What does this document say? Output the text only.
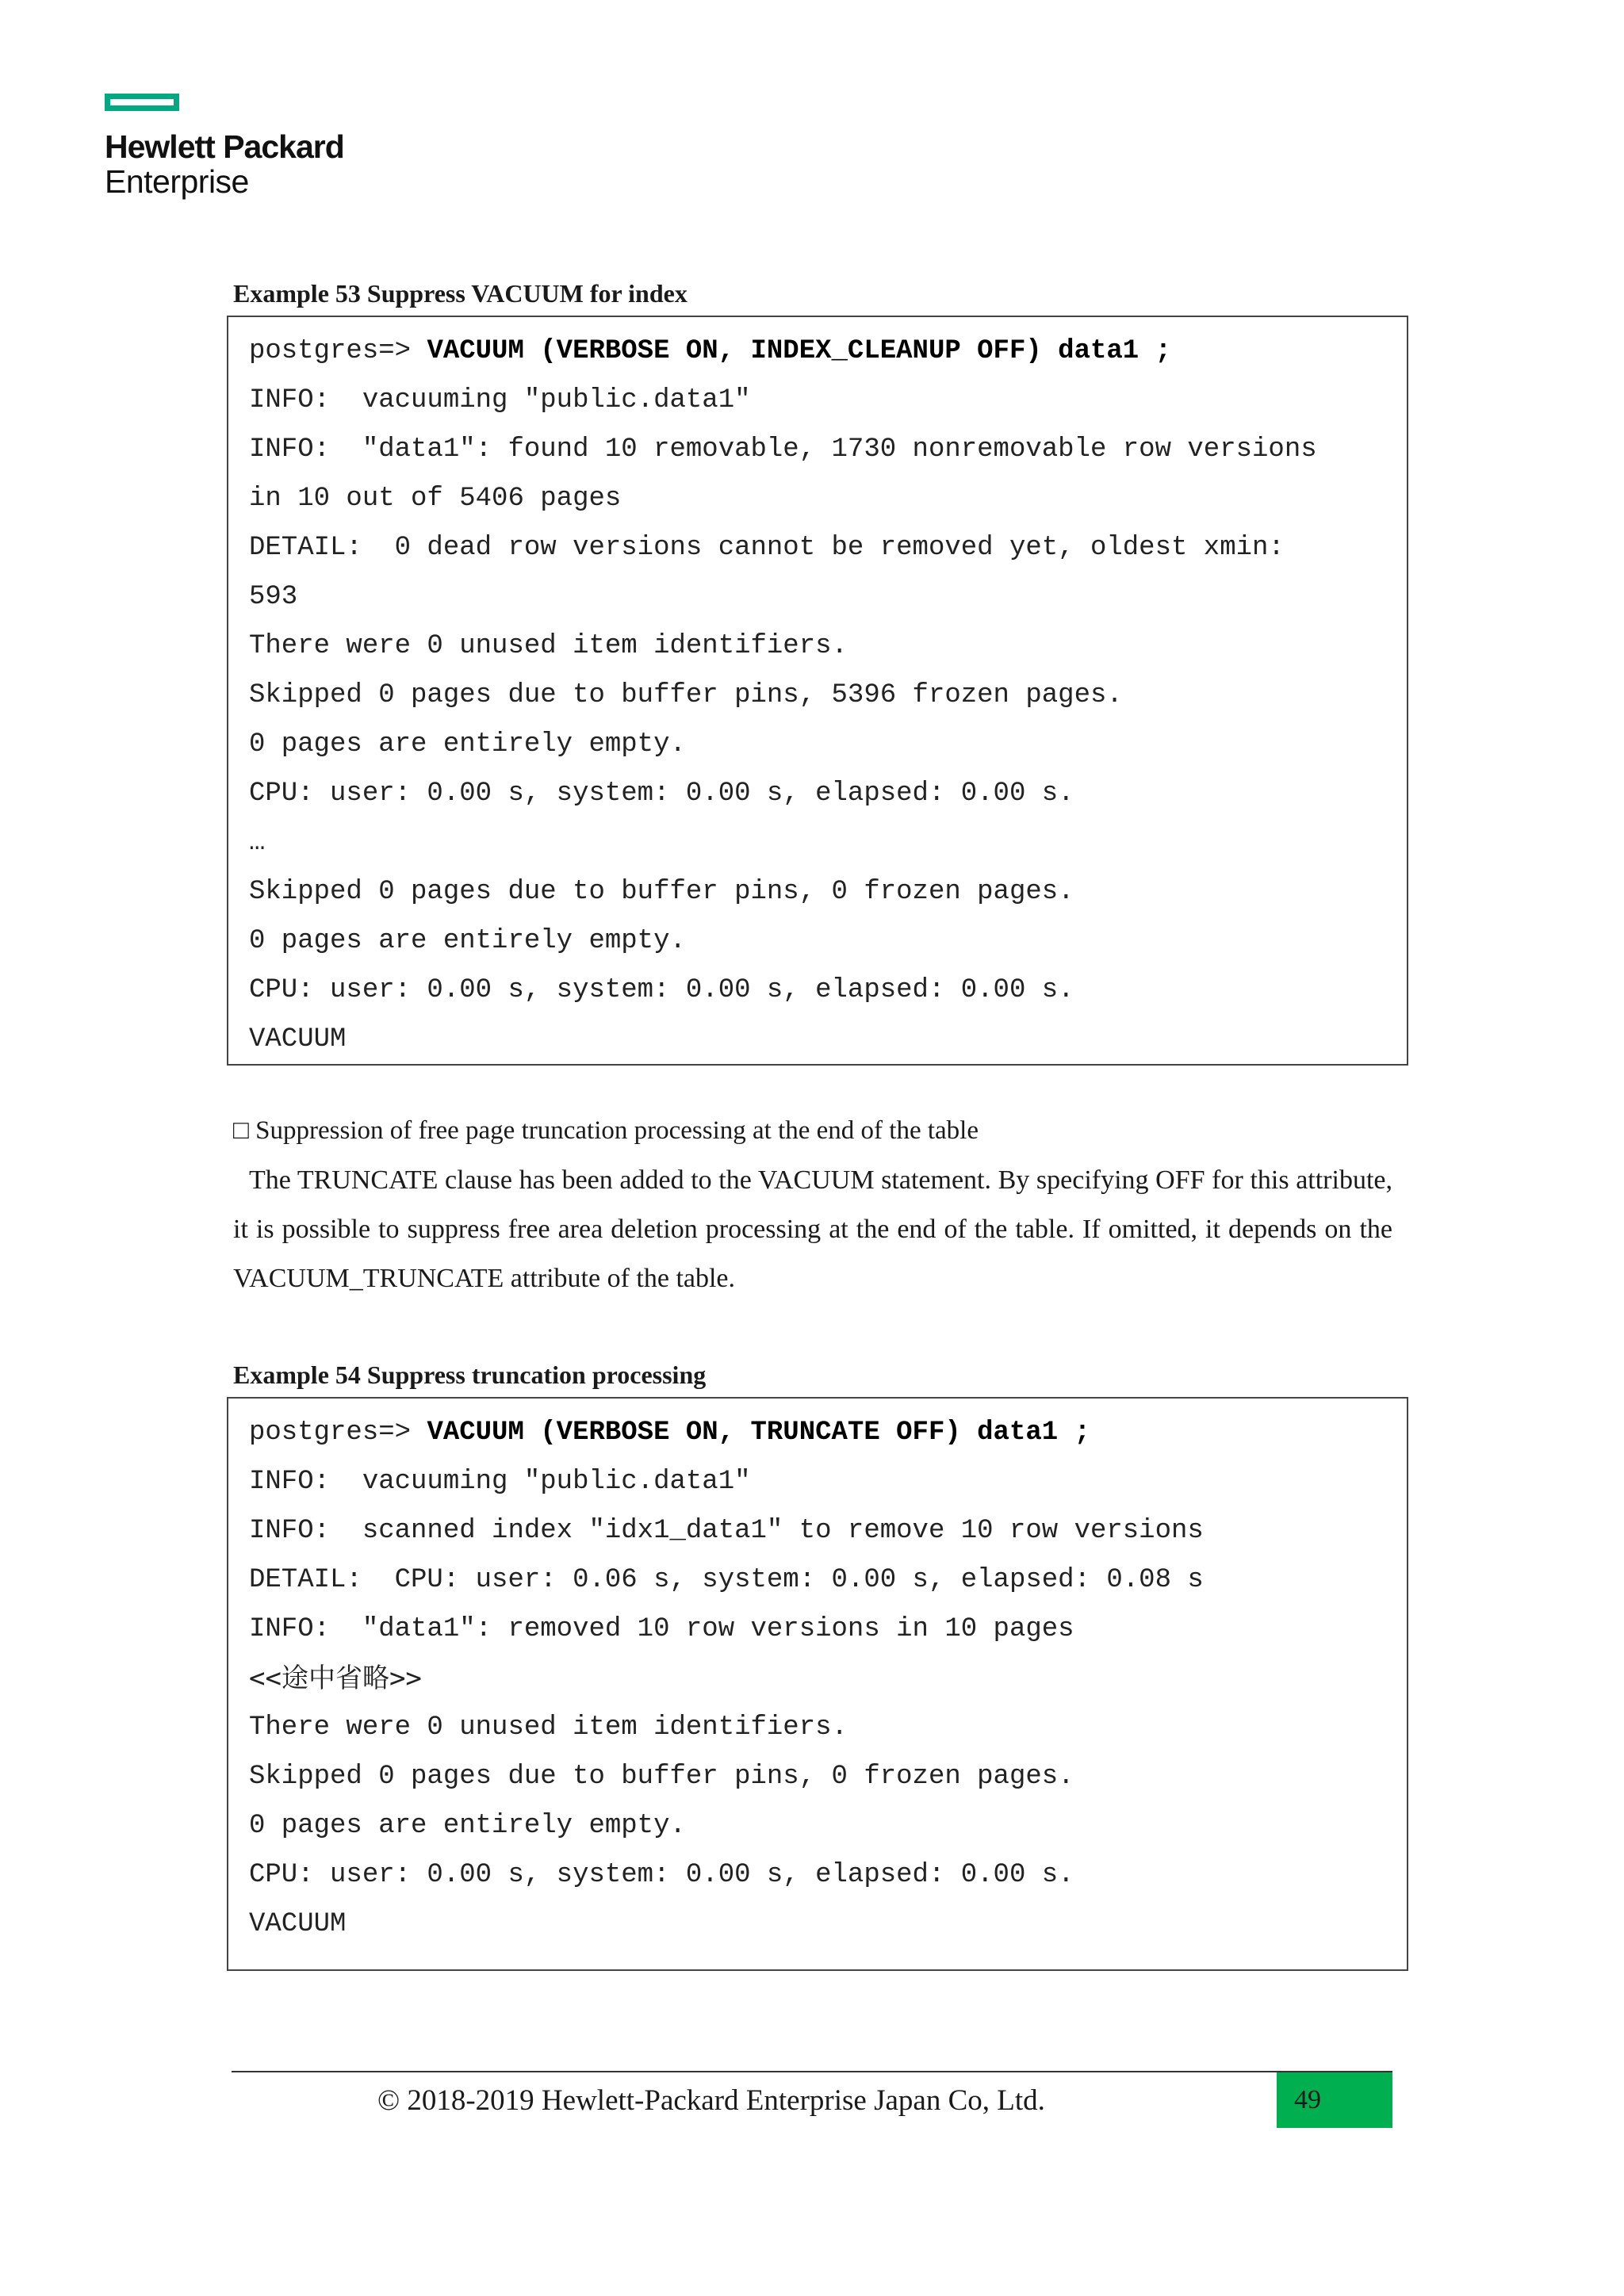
Hewlett Packard
Enterprise
Example 53 Suppress VACUUM for index
postgres=> VACUUM (VERBOSE ON, INDEX_CLEANUP OFF) data1 ;
INFO:  vacuuming "public.data1"
INFO:  "data1": found 10 removable, 1730 nonremovable row versions
in 10 out of 5406 pages
DETAIL:  0 dead row versions cannot be removed yet, oldest xmin:
593
There were 0 unused item identifiers.
Skipped 0 pages due to buffer pins, 5396 frozen pages.
0 pages are entirely empty.
CPU: user: 0.00 s, system: 0.00 s, elapsed: 0.00 s.
…
Skipped 0 pages due to buffer pins, 0 frozen pages.
0 pages are entirely empty.
CPU: user: 0.00 s, system: 0.00 s, elapsed: 0.00 s.
VACUUM
□ Suppression of free page truncation processing at the end of the table
The TRUNCATE clause has been added to the VACUUM statement. By specifying OFF for this attribute, it is possible to suppress free area deletion processing at the end of the table. If omitted, it depends on the VACUUM_TRUNCATE attribute of the table.
Example 54 Suppress truncation processing
postgres=> VACUUM (VERBOSE ON, TRUNCATE OFF) data1 ;
INFO:  vacuuming "public.data1"
INFO:  scanned index "idx1_data1" to remove 10 row versions
DETAIL:  CPU: user: 0.06 s, system: 0.00 s, elapsed: 0.08 s
INFO:  "data1": removed 10 row versions in 10 pages
<<途中省略>>
There were 0 unused item identifiers.
Skipped 0 pages due to buffer pins, 0 frozen pages.
0 pages are entirely empty.
CPU: user: 0.00 s, system: 0.00 s, elapsed: 0.00 s.
VACUUM
© 2018-2019 Hewlett-Packard Enterprise Japan Co, Ltd.	49
